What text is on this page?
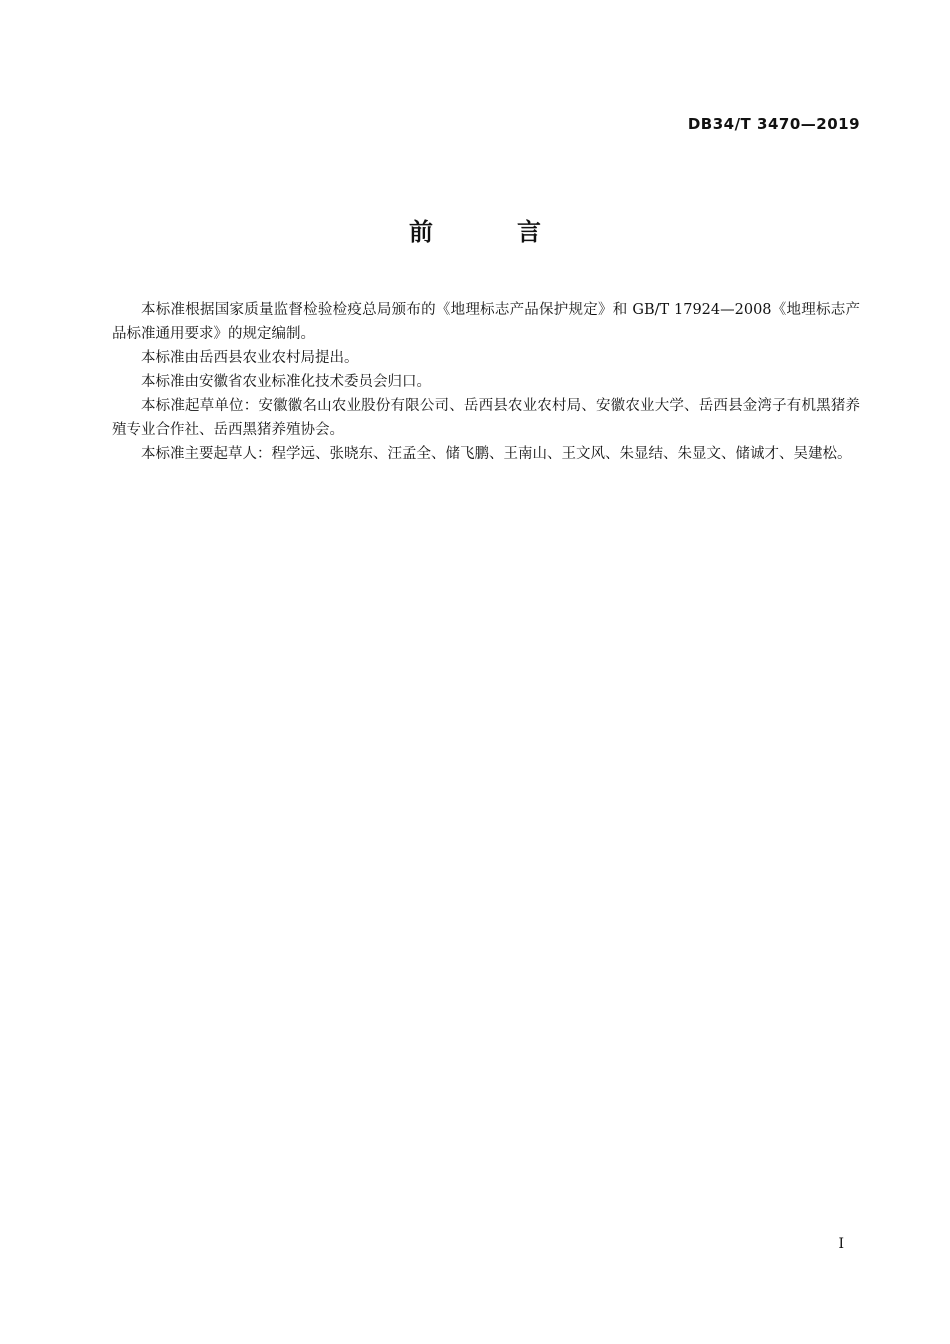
DB34/T 3470—2019
前　言

本标准根据国家质量监督检验检疫总局颁布的《地理标志产品保护规定》和 GB/T 17924—2008《地理标志产品标准通用要求》的规定编制。

本标准由岳西县农业农村局提出。

本标准由安徽省农业标准化技术委员会归口。

本标准起草单位：安徽徽名山农业股份有限公司、岳西县农业农村局、安徽农业大学、岳西县金湾子有机黑猪养殖专业合作社、岳西黑猪养殖协会。

本标准主要起草人：程学远、张晓东、汪孟全、储飞鹏、王南山、王文风、朱显结、朱显文、储诚才、吴建松。

I
